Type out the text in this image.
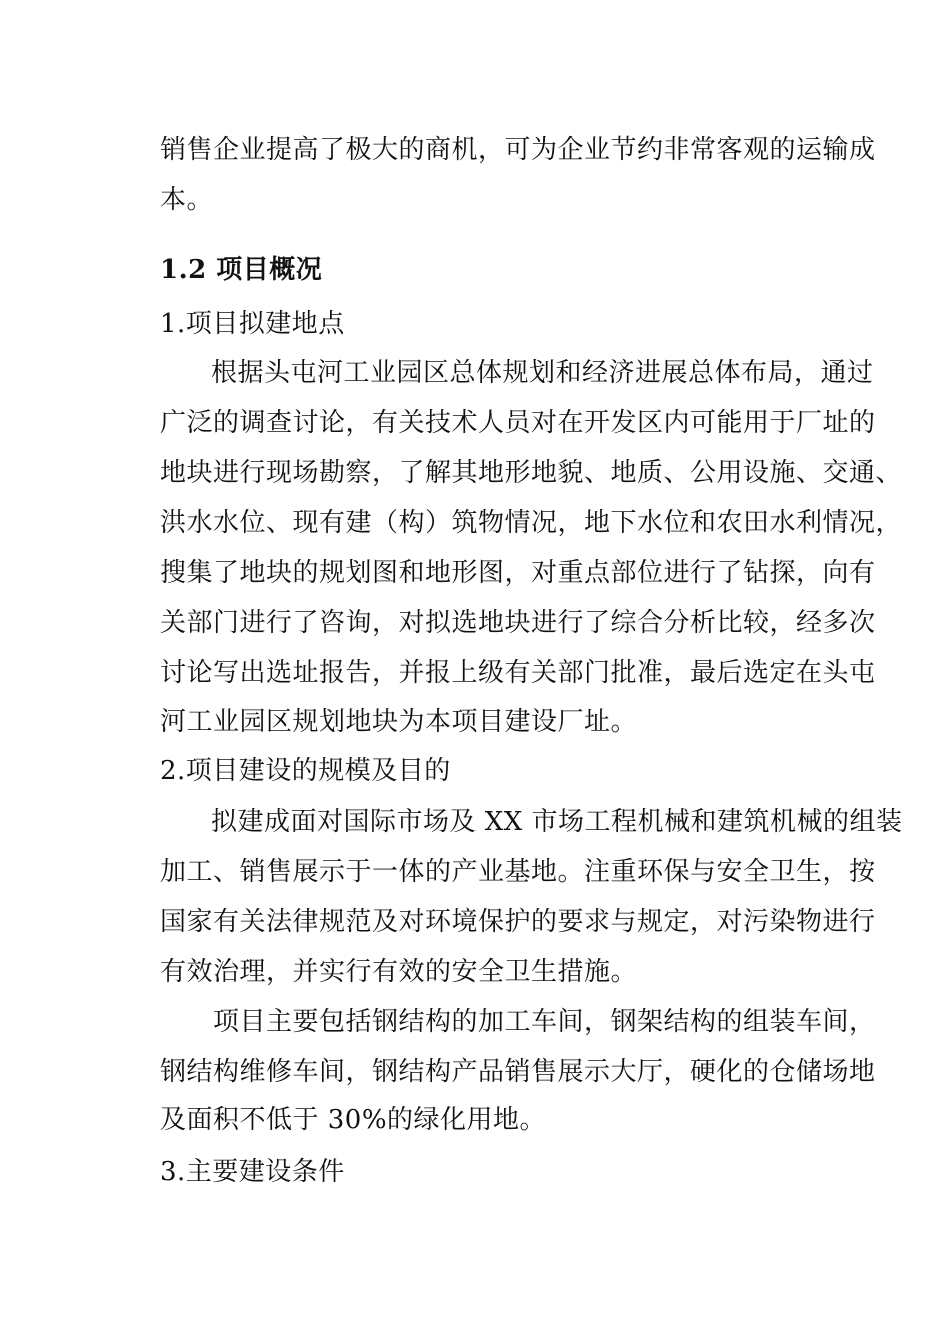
销售企业提高了极大的商机，可为企业节约非常客观的运输成
本。
1.2 项目概况
1.项目拟建地点
根据头屯河工业园区总体规划和经济进展总体布局，通过
广泛的调查讨论，有关技术人员对在开发区内可能用于厂址的
地块进行现场勘察，了解其地形地貌、地质、公用设施、交通、
洪水水位、现有建（构）筑物情况，地下水位和农田水利情况，
搜集了地块的规划图和地形图，对重点部位进行了钻探，向有
关部门进行了咨询，对拟选地块进行了综合分析比较，经多次
讨论写出选址报告，并报上级有关部门批准，最后选定在头屯
河工业园区规划地块为本项目建设厂址。
2.项目建设的规模及目的
拟建成面对国际市场及 XX 市场工程机械和建筑机械的组装
加工、销售展示于一体的产业基地。注重环保与安全卫生，按
国家有关法律规范及对环境保护的要求与规定，对污染物进行
有效治理，并实行有效的安全卫生措施。
项目主要包括钢结构的加工车间，钢架结构的组装车间，
钢结构维修车间，钢结构产品销售展示大厅，硬化的仓储场地
及面积不低于 30%的绿化用地。
3.主要建设条件
